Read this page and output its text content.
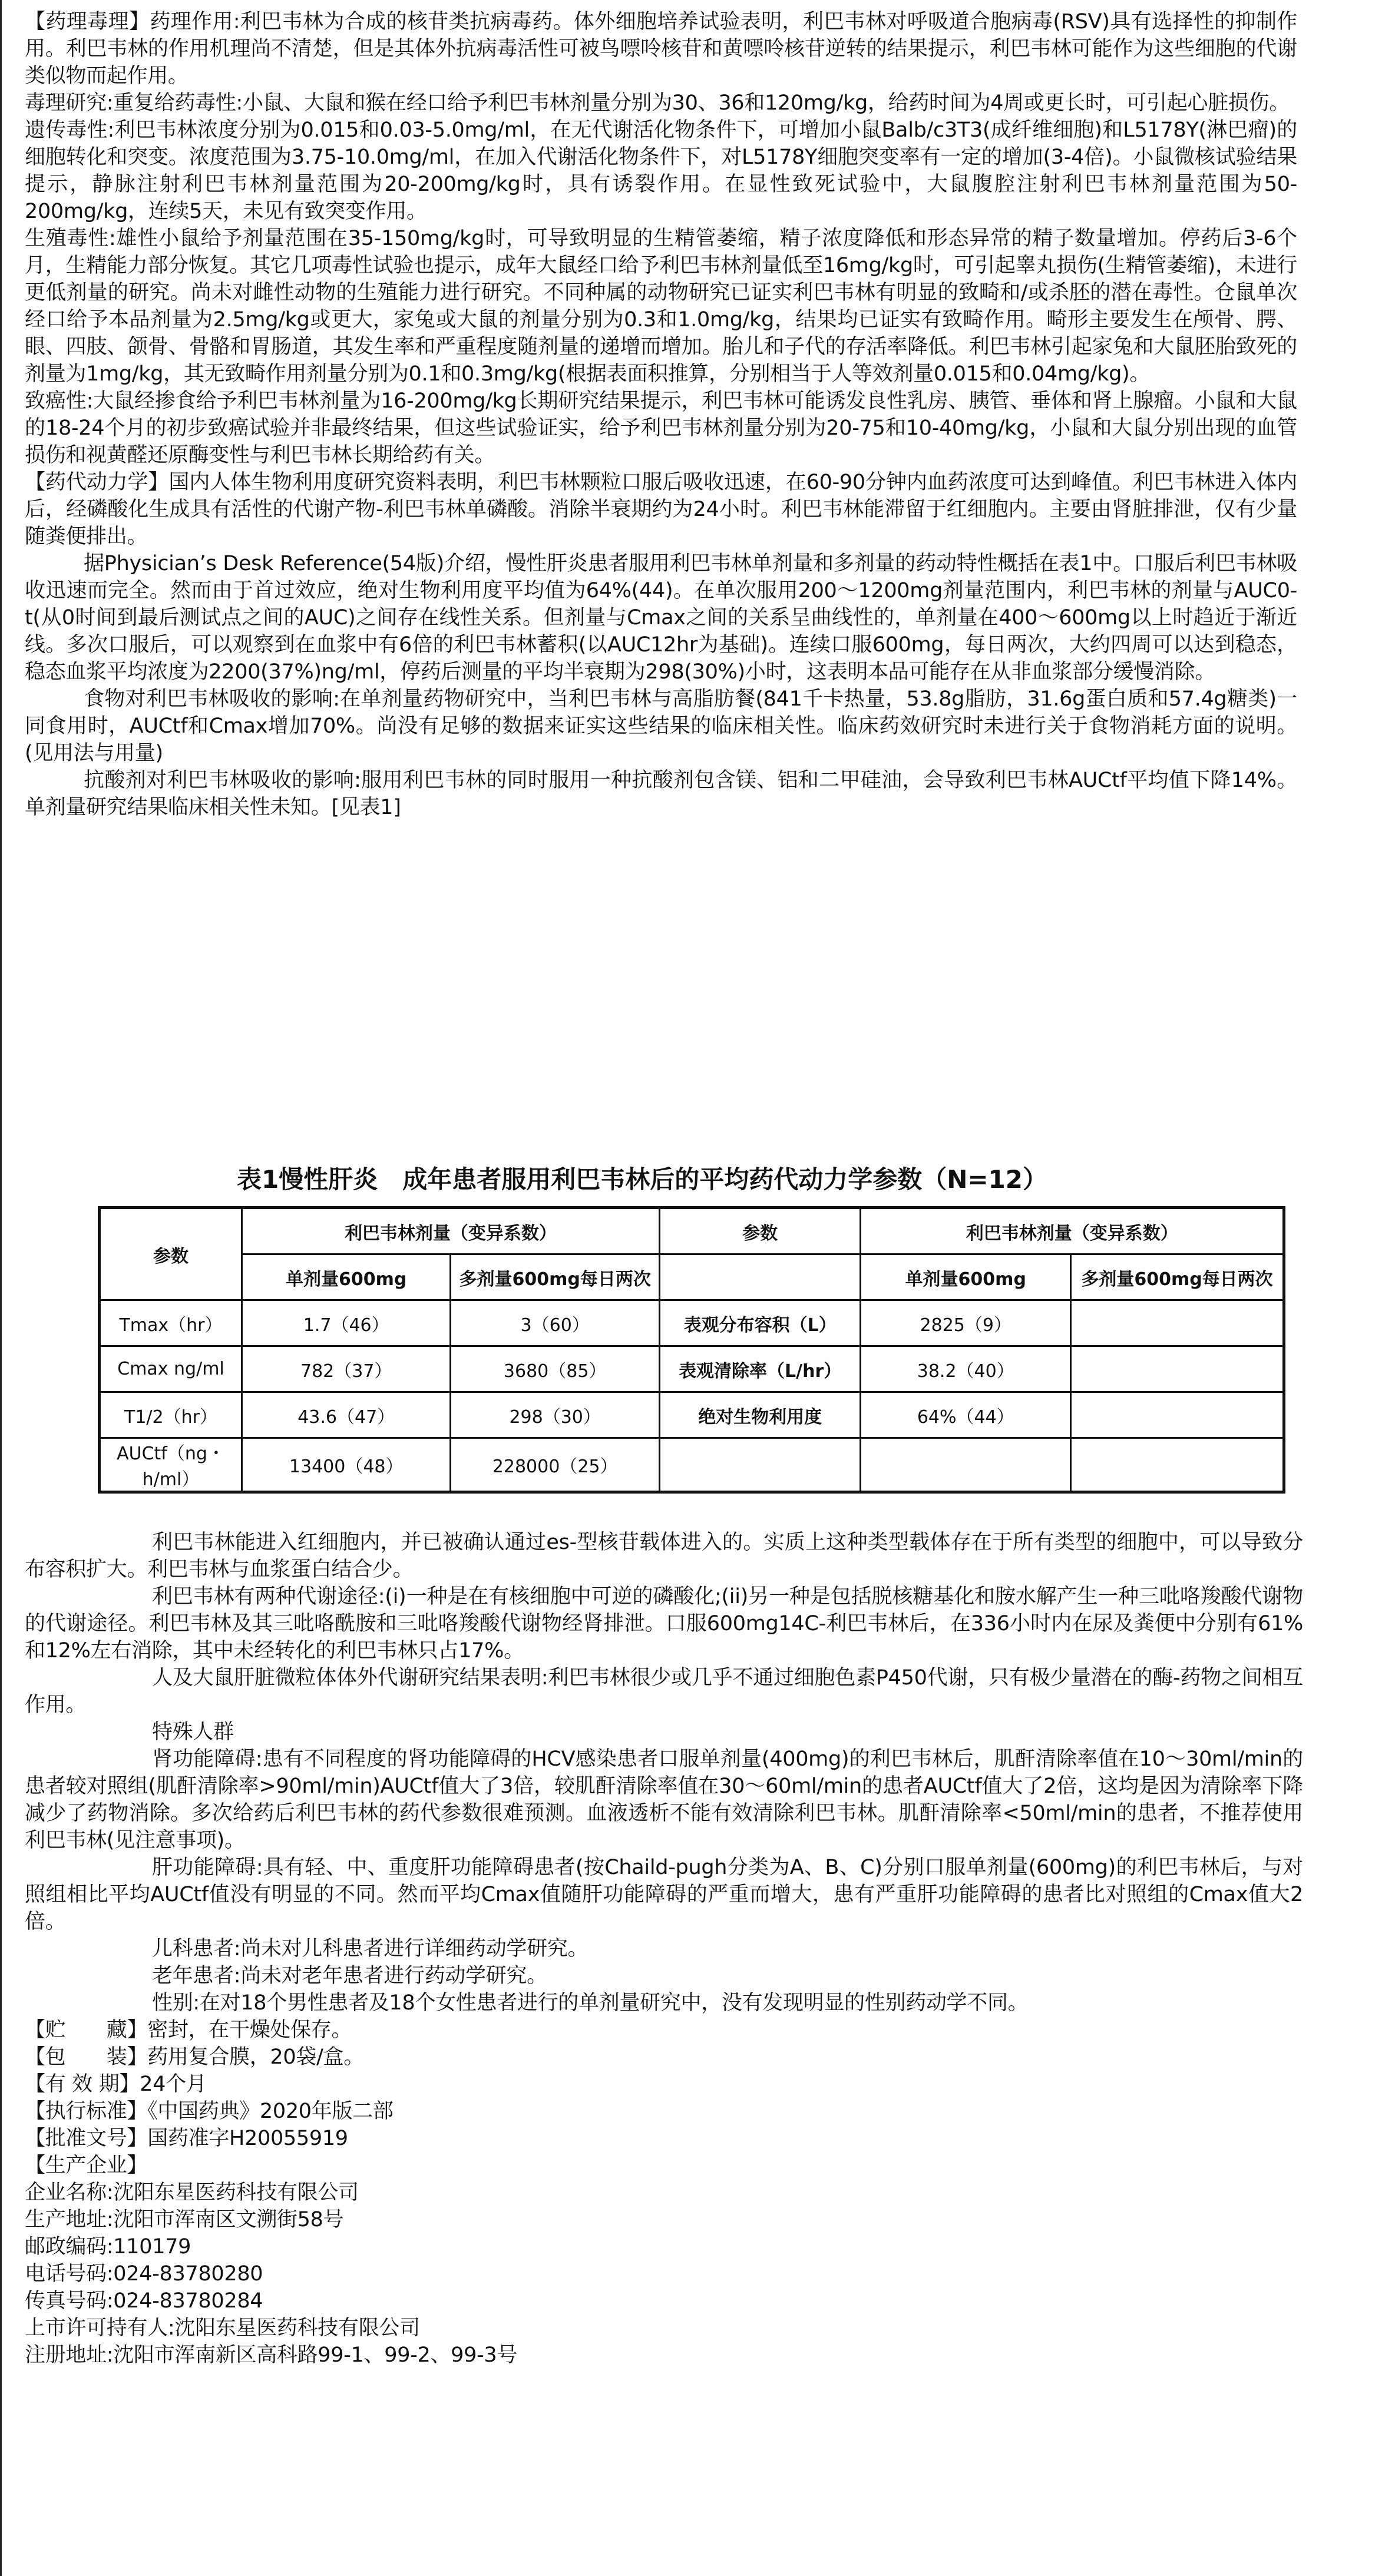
【药理毒理】药理作用:利巴韦林为合成的核苷类抗病毒药。体外细胞培养试验表明，利巴韦林对呼吸道合胞病毒(RSV)具有选择性的抑制作用。利巴韦林的作用机理尚不清楚，但是其体外抗病毒活性可被鸟嘌呤核苷和黄嘌呤核苷逆转的结果提示，利巴韦林可能作为这些细胞的代谢类似物而起作用。

毒理研究:重复给药毒性:小鼠、大鼠和猴在经口给予利巴韦林剂量分别为30、36和120mg/kg，给药时间为4周或更长时，可引起心脏损伤。

遗传毒性:利巴韦林浓度分别为0.015和0.03-5.0mg/ml，在无代谢活化物条件下，可增加小鼠Balb/c3T3(成纤维细胞)和L5178Y(淋巴瘤)的细胞转化和突变。浓度范围为3.75-10.0mg/ml，在加入代谢活化物条件下，对L5178Y细胞突变率有一定的增加(3-4倍)。小鼠微核试验结果提示，静脉注射利巴韦林剂量范围为20-200mg/kg时，具有诱裂作用。在显性致死试验中，大鼠腹腔注射利巴韦林剂量范围为50-200mg/kg，连续5天，未见有致突变作用。

生殖毒性:雄性小鼠给予剂量范围在35-150mg/kg时，可导致明显的生精管萎缩，精子浓度降低和形态异常的精子数量增加。停药后3-6个月，生精能力部分恢复。其它几项毒性试验也提示，成年大鼠经口给予利巴韦林剂量低至16mg/kg时，可引起睾丸损伤(生精管萎缩)，未进行更低剂量的研究。尚未对雌性动物的生殖能力进行研究。不同种属的动物研究已证实利巴韦林有明显的致畸和/或杀胚的潜在毒性。仓鼠单次经口给予本品剂量为2.5mg/kg或更大，家兔或大鼠的剂量分别为0.3和1.0mg/kg，结果均已证实有致畸作用。畸形主要发生在颅骨、腭、眼、四肢、颌骨、骨骼和胃肠道，其发生率和严重程度随剂量的递增而增加。胎儿和子代的存活率降低。利巴韦林引起家兔和大鼠胚胎致死的剂量为1mg/kg，其无致畸作用剂量分别为0.1和0.3mg/kg(根据表面积推算，分别相当于人等效剂量0.015和0.04mg/kg)。

致癌性:大鼠经掺食给予利巴韦林剂量为16-200mg/kg长期研究结果提示，利巴韦林可能诱发良性乳房、胰管、垂体和肾上腺瘤。小鼠和大鼠的18-24个月的初步致癌试验并非最终结果，但这些试验证实，给予利巴韦林剂量分别为20-75和10-40mg/kg，小鼠和大鼠分别出现的血管损伤和视黄醛还原酶变性与利巴韦林长期给药有关。

【药代动力学】国内人体生物利用度研究资料表明，利巴韦林颗粒口服后吸收迅速，在60-90分钟内血药浓度可达到峰值。利巴韦林进入体内后，经磷酸化生成具有活性的代谢产物-利巴韦林单磷酸。消除半衰期约为24小时。利巴韦林能滞留于红细胞内。主要由肾脏排泄，仅有少量随粪便排出。

据Physician’s Desk Reference(54版)介绍，慢性肝炎患者服用利巴韦林单剂量和多剂量的药动特性概括在表1中。口服后利巴韦林吸收迅速而完全。然而由于首过效应，绝对生物利用度平均值为64%(44)。在单次服用200～1200mg剂量范围内，利巴韦林的剂量与AUC0-t(从0时间到最后测试点之间的AUC)之间存在线性关系。但剂量与Cmax之间的关系呈曲线性的，单剂量在400～600mg以上时趋近于渐近线。多次口服后，可以观察到在血浆中有6倍的利巴韦林蓄积(以AUC12hr为基础)。连续口服600mg，每日两次，大约四周可以达到稳态，稳态血浆平均浓度为2200(37%)ng/ml，停药后测量的平均半衰期为298(30%)小时，这表明本品可能存在从非血浆部分缓慢消除。

食物对利巴韦林吸收的影响:在单剂量药物研究中，当利巴韦林与高脂肪餐(841千卡热量，53.8g脂肪，31.6g蛋白质和57.4g糖类)一同食用时，AUCtf和Cmax增加70%。尚没有足够的数据来证实这些结果的临床相关性。临床药效研究时未进行关于食物消耗方面的说明。(见用法与用量)

抗酸剂对利巴韦林吸收的影响:服用利巴韦林的同时服用一种抗酸剂包含镁、铝和二甲硅油，会导致利巴韦林AUCtf平均值下降14%。单剂量研究结果临床相关性未知。[见表1]

表1慢性肝炎　成年患者服用利巴韦林后的平均药代动力学参数（N=12）
参数	利巴韦林剂量（变异系数）		参数	利巴韦林剂量（变异系数）	
	单剂量600mg	多剂量600mg每日两次		单剂量600mg	多剂量600mg每日两次
Tmax（hr）	1.7（46）	3（60）	表观分布容积（L）	2825（9）	
Cmax ng/ml	782（37）	3680（85）	表观清除率（L/hr）	38.2（40）	
T1/2（hr）	43.6（47）	298（30）	绝对生物利用度	64%（44）	
AUCtf（ng・h/ml）	13400（48）	228000（25）			

利巴韦林能进入红细胞内，并已被确认通过es-型核苷载体进入的。实质上这种类型载体存在于所有类型的细胞中，可以导致分布容积扩大。利巴韦林与血浆蛋白结合少。

利巴韦林有两种代谢途径:(i)一种是在有核细胞中可逆的磷酸化;(ii)另一种是包括脱核糖基化和胺水解产生一种三吡咯羧酸代谢物的代谢途径。利巴韦林及其三吡咯酰胺和三吡咯羧酸代谢物经肾排泄。口服600mg14C-利巴韦林后，在336小时内在尿及粪便中分别有61%和12%左右消除，其中未经转化的利巴韦林只占17%。

人及大鼠肝脏微粒体体外代谢研究结果表明:利巴韦林很少或几乎不通过细胞色素P450代谢，只有极少量潜在的酶-药物之间相互作用。

特殊人群

肾功能障碍:患有不同程度的肾功能障碍的HCV感染患者口服单剂量(400mg)的利巴韦林后，肌酐清除率值在10～30ml/min的患者较对照组(肌酐清除率>90ml/min)AUCtf值大了3倍，较肌酐清除率值在30～60ml/min的患者AUCtf值大了2倍，这均是因为清除率下降减少了药物消除。多次给药后利巴韦林的药代参数很难预测。血液透析不能有效清除利巴韦林。肌酐清除率<50ml/min的患者，不推荐使用利巴韦林(见注意事项)。

肝功能障碍:具有轻、中、重度肝功能障碍患者(按Chaild-pugh分类为A、B、C)分别口服单剂量(600mg)的利巴韦林后，与对照组相比平均AUCtf值没有明显的不同。然而平均Cmax值随肝功能障碍的严重而增大，患有严重肝功能障碍的患者比对照组的Cmax值大2倍。

儿科患者:尚未对儿科患者进行详细药动学研究。

老年患者:尚未对老年患者进行药动学研究。

性别:在对18个男性患者及18个女性患者进行的单剂量研究中，没有发现明显的性别药动学不同。

【贮　　藏】密封，在干燥处保存。

【包　　装】药用复合膜，20袋/盒。

【有 效 期】24个月

【执行标准】《中国药典》2020年版二部

【批准文号】国药准字H20055919

【生产企业】

企业名称:沈阳东星医药科技有限公司

生产地址:沈阳市浑南区文溯街58号

邮政编码:110179

电话号码:024-83780280

传真号码:024-83780284

上市许可持有人:沈阳东星医药科技有限公司

注册地址:沈阳市浑南新区高科路99-1、99-2、99-3号
